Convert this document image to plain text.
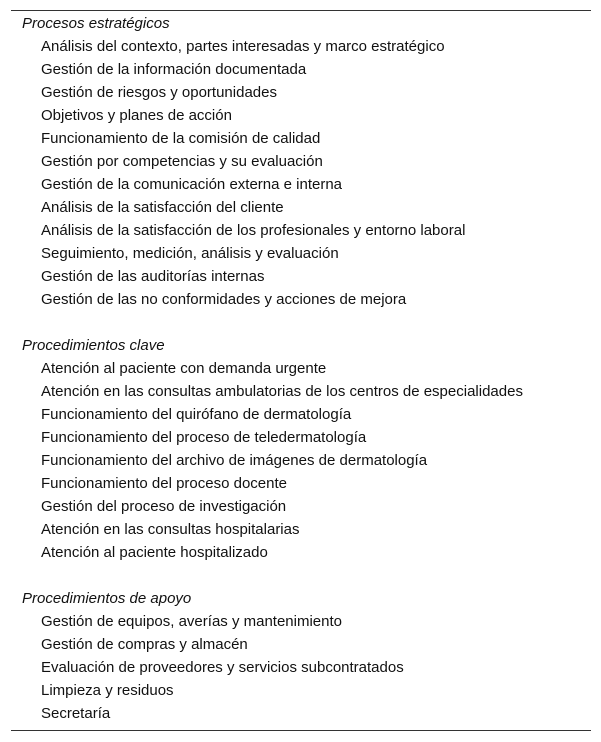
Procesos estratégicos
Análisis del contexto, partes interesadas y marco estratégico
Gestión de la información documentada
Gestión de riesgos y oportunidades
Objetivos y planes de acción
Funcionamiento de la comisión de calidad
Gestión por competencias y su evaluación
Gestión de la comunicación externa e interna
Análisis de la satisfacción del cliente
Análisis de la satisfacción de los profesionales y entorno laboral
Seguimiento, medición, análisis y evaluación
Gestión de las auditorías internas
Gestión de las no conformidades y acciones de mejora
Procedimientos clave
Atención al paciente con demanda urgente
Atención en las consultas ambulatorias de los centros de especialidades
Funcionamiento del quirófano de dermatología
Funcionamiento del proceso de teledermatología
Funcionamiento del archivo de imágenes de dermatología
Funcionamiento del proceso docente
Gestión del proceso de investigación
Atención en las consultas hospitalarias
Atención al paciente hospitalizado
Procedimientos de apoyo
Gestión de equipos, averías y mantenimiento
Gestión de compras y almacén
Evaluación de proveedores y servicios subcontratados
Limpieza y residuos
Secretaría
